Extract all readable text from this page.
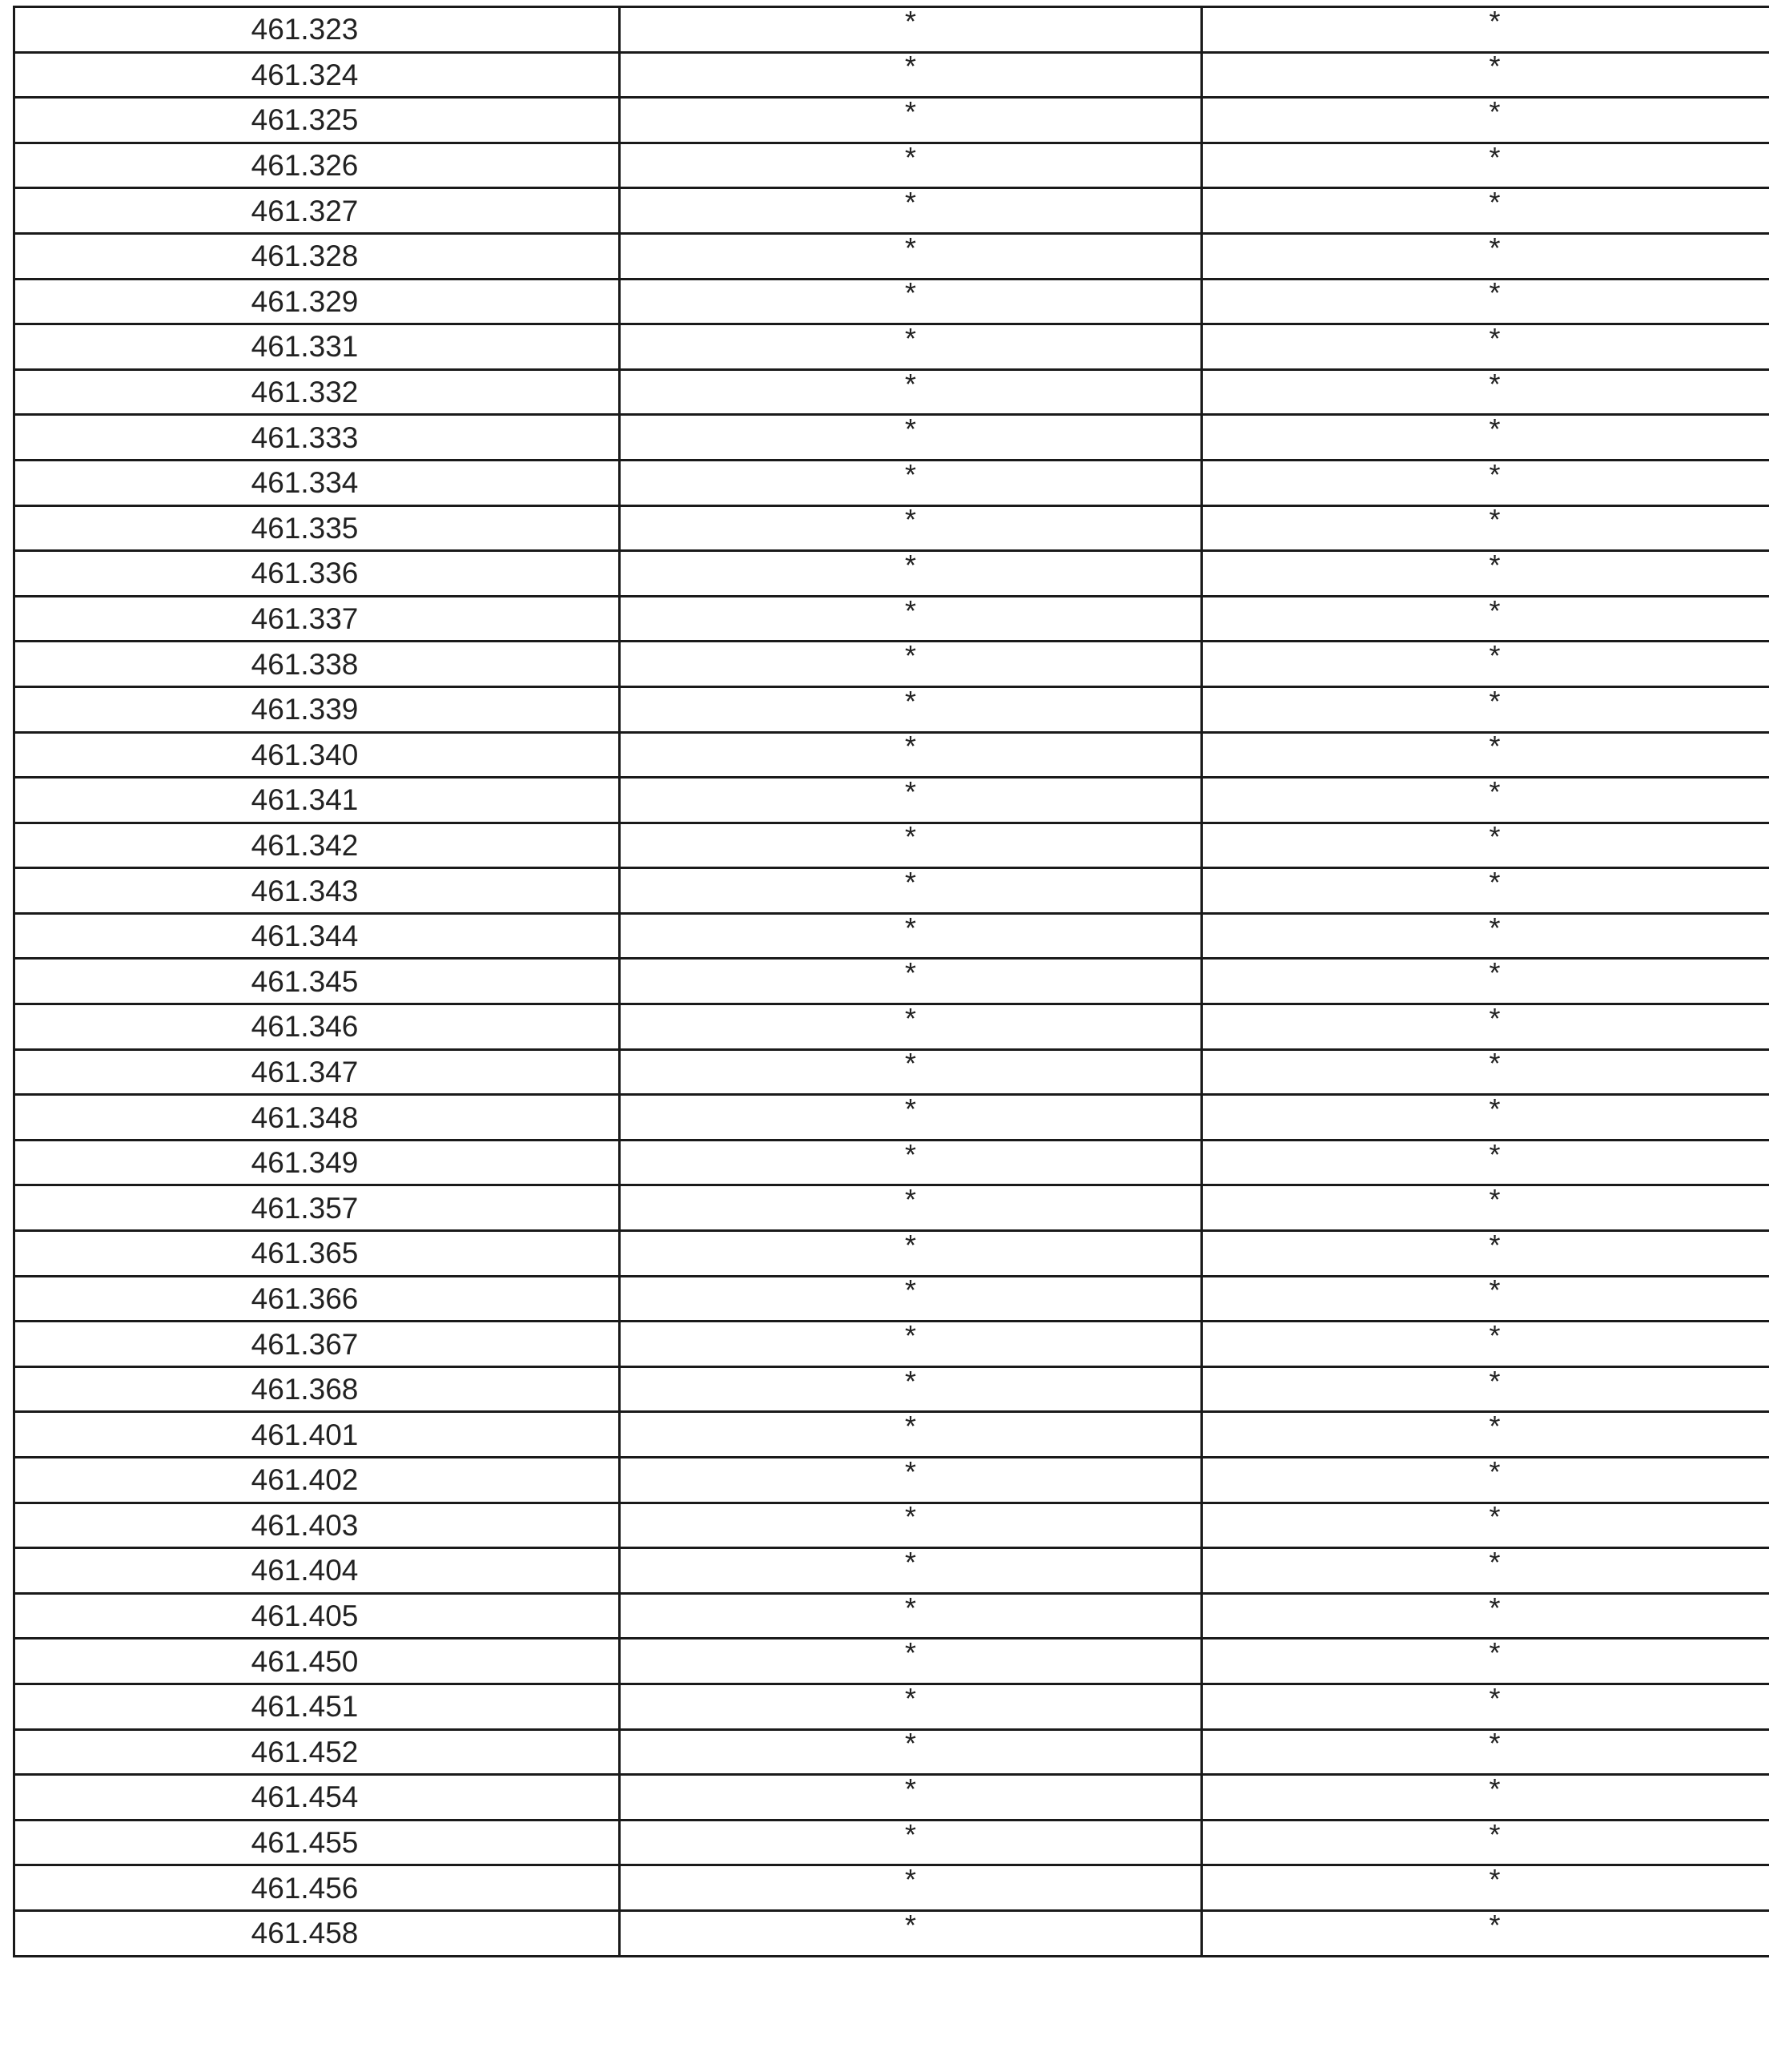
461.323	*	*
461.324	*	*
461.325	*	*
461.326	*	*
461.327	*	*
461.328	*	*
461.329	*	*
461.331	*	*
461.332	*	*
461.333	*	*
461.334	*	*
461.335	*	*
461.336	*	*
461.337	*	*
461.338	*	*
461.339	*	*
461.340	*	*
461.341	*	*
461.342	*	*
461.343	*	*
461.344	*	*
461.345	*	*
461.346	*	*
461.347	*	*
461.348	*	*
461.349	*	*
461.357	*	*
461.365	*	*
461.366	*	*
461.367	*	*
461.368	*	*
461.401	*	*
461.402	*	*
461.403	*	*
461.404	*	*
461.405	*	*
461.450	*	*
461.451	*	*
461.452	*	*
461.454	*	*
461.455	*	*
461.456	*	*
461.458	*	*
